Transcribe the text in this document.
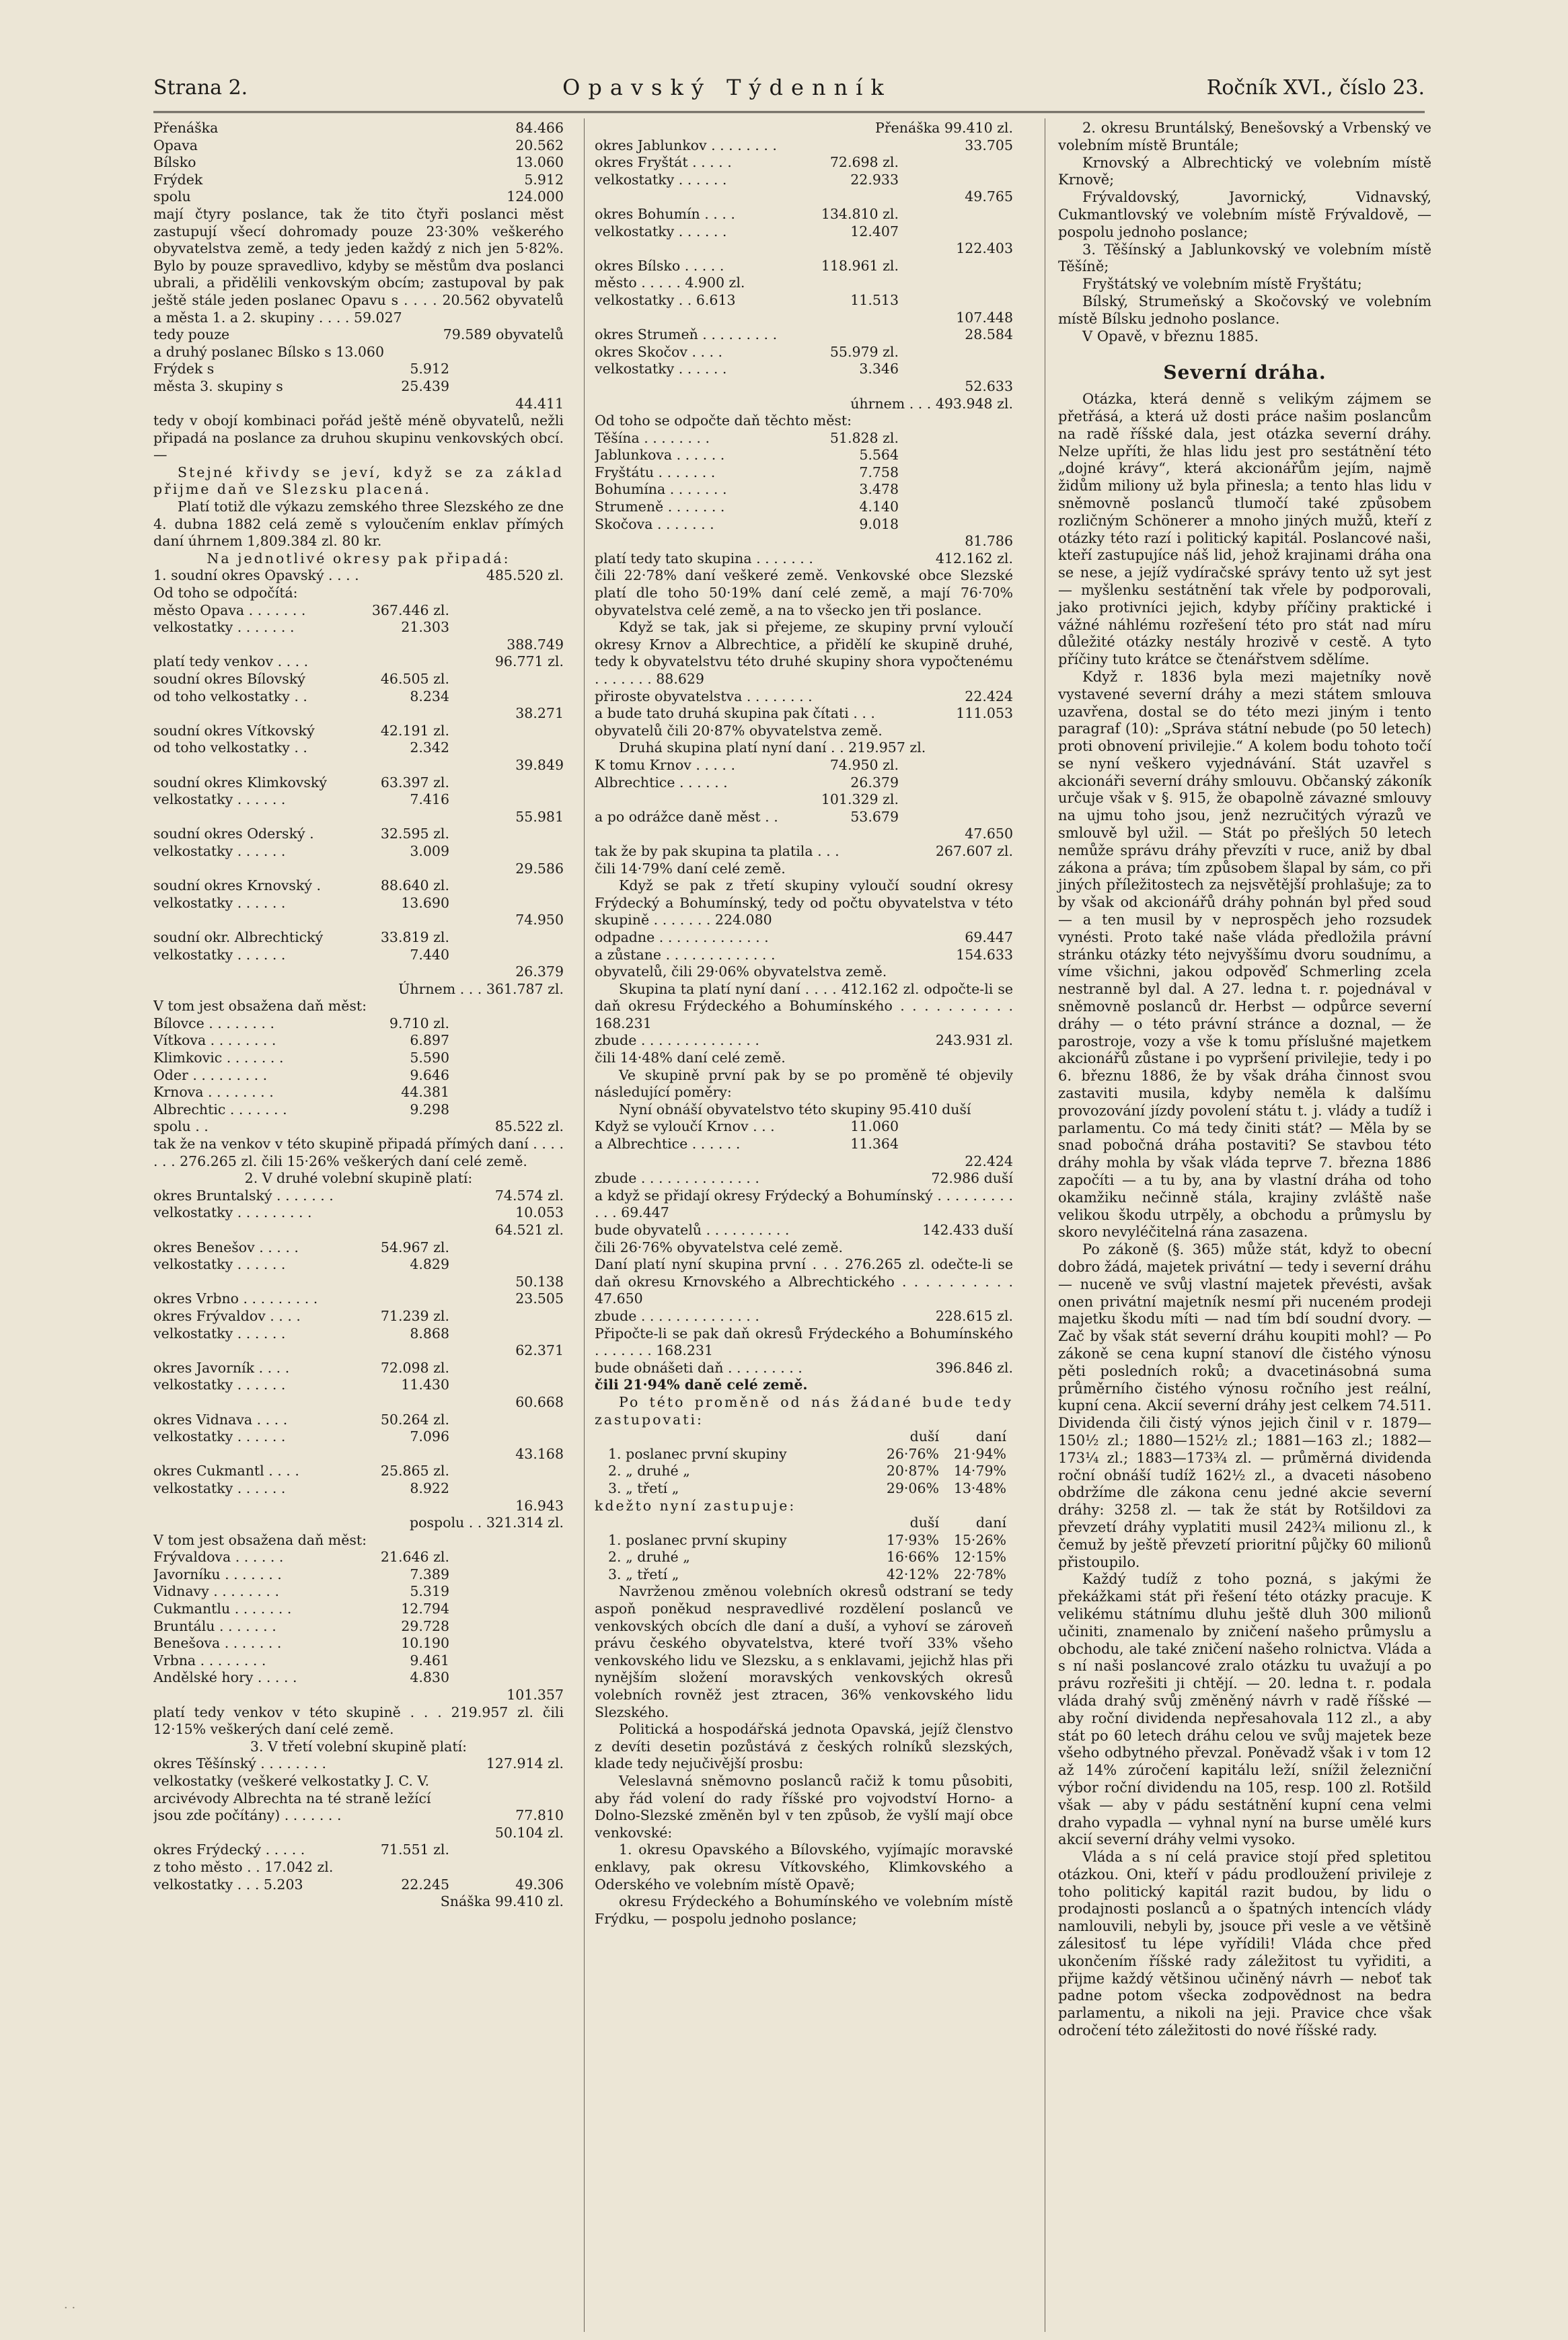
Strana 2.	Opavský Týdenník	Ročník XVI., číslo 23.
Přenáška	84.466
Opava	20.562
Bílsko	13.060
Frýdek	5.912
spolu	124.000
mají čtyry poslance, tak že tito čtyři poslanci měst zastupují všecí dohromady pouze 23·30% veškerého obyvatelstva země, a tedy jeden každý z nich jen 5·82%. Bylo by pouze spravedlivo, kdyby se městům dva poslanci ubrali, a přidělili venkovským obcím; zastupoval by pak ještě stále jeden poslanec Opavu s . . . . 20.562 obyvatelů a města 1. a 2. skupiny . . . . 59.027
tedy pouze	79.589 obyvatelů
a druhý poslanec Bílsko s 13.060
Frýdek s	5.912
města 3. skupiny s	25.439
44.411
tedy v obojí kombinaci pořád ještě méně obyvatelů, nežli připadá na poslance za druhou skupinu venkovských obcí. —
Stejné křivdy se jeví, když se za základ přijme daň ve Slezsku placená.
Platí totiž dle výkazu zemského three Slezského ze dne 4. dubna 1882 celá země s vyloučením enklav přímých daní úhrnem 1,809.384 zl. 80 kr.
Na jednotlivé okresy pak připadá:
1. soudní okres Opavský . . . .	485.520 zl.
Od toho se odpočítá:
město Opava . . . . . . .	367.446 zl.
velkostatky . . . . . . .	21.303
388.749
platí tedy venkov . . . .	96.771 zl.
soudní okres Bílovský	46.505 zl.
od toho velkostatky . .	8.234
38.271
soudní okres Vítkovský	42.191 zl.
od toho velkostatky . .	2.342
39.849
soudní okres Klimkovský	63.397 zl.
velkostatky . . . . . .	7.416
55.981
soudní okres Oderský .	32.595 zl.
velkostatky . . . . . .	3.009
29.586
soudní okres Krnovský .	88.640 zl.
velkostatky . . . . . .	13.690
74.950
soudní okr. Albrechtický	33.819 zl.
velkostatky . . . . . .	7.440
26.379
Úhrnem . . . 361.787 zl.
V tom jest obsažena daň měst:
Bílovce . . . . . . . .	9.710 zl.
Vítkova . . . . . . . .	6.897
Klimkovic . . . . . . .	5.590
Oder . . . . . . . . .	9.646
Krnova . . . . . . . .	44.381
Albrechtic . . . . . . .	9.298
spolu . .	85.522 zl.
tak že na venkov v této skupině připadá přímých daní . . . . . . . 276.265 zl. čili 15·26% veškerých daní celé země.
2. V druhé volební skupině platí:
okres Bruntalský . . . . . . .	74.574 zl.
velkostatky . . . . . . . . .	10.053
64.521 zl.
okres Benešov . . . . .	54.967 zl.
velkostatky . . . . . .	4.829
50.138
okres Vrbno . . . . . . . . .	23.505
okres Frývaldov . . . .	71.239 zl.
velkostatky . . . . . .	8.868
62.371
okres Javorník . . . .	72.098 zl.
velkostatky . . . . . .	11.430
60.668
okres Vidnava . . . .	50.264 zl.
velkostatky . . . . . .	7.096
43.168
okres Cukmantl . . . .	25.865 zl.
velkostatky . . . . . .	8.922
16.943
pospolu . . 321.314 zl.
V tom jest obsažena daň měst:
Frývaldova . . . . . .	21.646 zl.
Javorníku . . . . . . .	7.389
Vidnavy . . . . . . . .	5.319
Cukmantlu . . . . . . .	12.794
Bruntálu . . . . . . .	29.728
Benešova . . . . . . .	10.190
Vrbna . . . . . . . .	9.461
Andělské hory . . . . .	4.830
101.357
platí tedy venkov v této skupině . . . 219.957 zl. čili 12·15% veškerých daní celé země.
3. V třetí volební skupině platí:
okres Těšínský . . . . . . . .	127.914 zl.
velkostatky (veškeré velkostatky J. C. V.
arcivévody Albrechta na té straně ležící
jsou zde počítány) . . . . . . .	77.810
50.104 zl.
okres Frýdecký . . . . .	71.551 zl.
z toho město . . 17.042 zl.
velkostatky . . . 5.203	22.245	49.306
Snáška 99.410 zl.
Přenáška 99.410 zl.
okres Jablunkov . . . . . . . .	33.705
okres Fryštát . . . . .	72.698 zl.
velkostatky . . . . . .	22.933
49.765
okres Bohumín . . . .	134.810 zl.
velkostatky . . . . . .	12.407
122.403
okres Bílsko . . . . .	118.961 zl.
město . . . . . 4.900 zl.
velkostatky . . 6.613	11.513
107.448
okres Strumeň . . . . . . . . .	28.584
okres Skočov . . . .	55.979 zl.
velkostatky . . . . . .	3.346
52.633
úhrnem . . . 493.948 zl.
Od toho se odpočte daň těchto měst:
Těšína . . . . . . . .	51.828 zl.
Jablunkova . . . . . .	5.564
Fryštátu . . . . . . .	7.758
Bohumína . . . . . . .	3.478
Strumeně . . . . . . .	4.140
Skočova . . . . . . .	9.018
81.786
platí tedy tato skupina . . . . . . .	412.162 zl.
čili 22·78% daní veškeré země. Venkovské obce Slezské platí dle toho 50·19% daní celé země, a mají 76·70% obyvatelstva celé země, a na to všecko jen tři poslance.
Když se tak, jak si přejeme, ze skupiny první vyloučí okresy Krnov a Albrechtice, a přidělí ke skupině druhé, tedy k obyvatelstvu této druhé skupiny shora vypočtenému . . . . . . . 88.629
přiroste obyvatelstva . . . . . . . .	22.424
a bude tato druhá skupina pak čítati . . .	111.053
obyvatelů čili 20·87% obyvatelstva země.
Druhá skupina platí nyní daní . . 219.957 zl.
K tomu Krnov . . . . .	74.950 zl.
Albrechtice . . . . . .	26.379
101.329 zl.
a po odrážce daně měst . .	53.679
47.650
tak že by pak skupina ta platila . . .	267.607 zl.
čili 14·79% daní celé země.
Když se pak z třetí skupiny vyloučí soudní okresy Frýdecký a Bohumínský, tedy od počtu obyvatelstva v této skupině . . . . . . . 224.080
odpadne . . . . . . . . . . . . .	69.447
a zůstane . . . . . . . . . . . . .	154.633
obyvatelů, čili 29·06% obyvatelstva země.
Skupina ta platí nyní daní . . . . 412.162 zl. odpočte-li se daň okresu Frýdeckého a Bohumínského . . . . . . . . . . 168.231
zbude . . . . . . . . . . . . . .	243.931 zl.
čili 14·48% daní celé země.
Ve skupině první pak by se po proměně té objevily následující poměry:
Nyní obnáší obyvatelstvo této skupiny 95.410 duší
Když se vyloučí Krnov . . .	11.060
a Albrechtice . . . . . .	11.364
22.424
zbude . . . . . . . . . . . . . .	72.986 duší
a když se přidají okresy Frýdecký a Bohumínský . . . . . . . . . . . . 69.447
bude obyvatelů . . . . . . . . . .	142.433 duší
čili 26·76% obyvatelstva celé země.
Daní platí nyní skupina první . . . 276.265 zl. odečte-li se daň okresu Krnovského a Albrechtického . . . . . . . . . . 47.650
zbude . . . . . . . . . . . . . .	228.615 zl.
Připočte-li se pak daň okresů Frýdeckého a Bohumínského . . . . . . . 168.231
bude obnášeti daň . . . . . . . . .	396.846 zl.
čili 21·94% daně celé země.
Po této proměně od nás žádané bude tedy zastupovati:
duší	daní
1. poslanec první skupiny	26·76% 21·94%
2. „ druhé „	20·87% 14·79%
3. „ třetí „	29·06% 13·48%
kdežto nyní zastupuje:
duší	daní
1. poslanec první skupiny	17·93% 15·26%
2. „ druhé „	16·66% 12·15%
3. „ třetí „	42·12% 22·78%
Navrženou změnou volebních okresů odstraní se tedy aspoň poněkud nespravedlivé rozdělení poslanců ve venkovských obcích dle daní a duší, a vyhoví se zároveň právu českého obyvatelstva, které tvoří 33% všeho venkovského lidu ve Slezsku, a s enklavami, jejichž hlas při nynějším složení moravských venkovských okresů volebních rovněž jest ztracen, 36% venkovského lidu Slezského.
Politická a hospodářská jednota Opavská, jejíž členstvo z devíti desetin pozůstává z českých rolníků slezských, klade tedy nejučivější prosbu:
Veleslavná sněmovno poslanců račiž k tomu působiti, aby řád volení do rady říšské pro vojvodství Horno- a Dolno-Slezské změněn byl v ten způsob, že vyšlí mají obce venkovské:
1. okresu Opavského a Bílovského, vyjímajíc moravské enklavy, pak okresu Vítkovského, Klimkovského a Oderského ve volebním místě Opavě;
okresu Frýdeckého a Bohumínského ve volebním místě Frýdku, — pospolu jednoho poslance;

2. okresu Bruntálský, Benešovský a Vrbenský ve volebním místě Bruntále;

Krnovský a Albrechtický ve volebním místě Krnově;

Frývaldovský, Javornický, Vidnavský, Cukmantlovský ve volebním místě Frývaldově, — pospolu jednoho poslance;

3. Těšínský a Jablunkovský ve volebním místě Těšíně;

Fryštátský ve volebním místě Fryštátu;

Bílský, Strumeňský a Skočovský ve volebním místě Bílsku jednoho poslance.

V Opavě, v březnu 1885.

Severní dráha.

Otázka, která denně s velikým zájmem se přetřásá, a která už dosti práce našim poslancům na radě říšské dala, jest otázka severní dráhy. Nelze upříti, že hlas lidu jest pro sestátnění této „dojné krávy“, která akcionářům jejím, najmě židům miliony už byla přinesla; a tento hlas lidu v sněmovně poslanců tlumočí také způsobem rozličným Schönerer a mnoho jiných mužů, kteří z otázky této razí i politický kapitál. Poslancové naši, kteří zastupujíce náš lid, jehož krajinami dráha ona se nese, a jejíž vydíračské správy tento už syt jest — myšlenku sestátnění tak vřele by podporovali, jako protivníci jejich, kdyby příčiny praktické i vážné náhlému rozřešení této pro stát nad míru důležité otázky nestály hrozivě v cestě. A tyto příčiny tuto krátce se čtenářstvem sdělíme.

Když r. 1836 byla mezi majetníky nově vystavené severní dráhy a mezi státem smlouva uzavřena, dostal se do této mezi jiným i tento paragraf (10): „Správa státní nebude (po 50 letech) proti obnovení privilejie.“ A kolem bodu tohoto točí se nyní veškero vyjednávání. Stát uzavřel s akcionáři severní dráhy smlouvu. Občanský zákoník určuje však v §. 915, že obapolně závazné smlouvy na ujmu toho jsou, jenž nezručitých výrazů ve smlouvě byl užil. — Stát po přešlých 50 letech nemůže správu dráhy převzíti v ruce, aniž by dbal zákona a práva; tím způsobem šlapal by sám, co při jiných příležitostech za nejsvětější prohlašuje; za to by však od akcionářů dráhy pohnán byl před soud — a ten musil by v neprospěch jeho rozsudek vynésti. Proto také naše vláda předložila právní stránku otázky této nejvyššímu dvoru soudnímu, a víme všichni, jakou odpověď Schmerling zcela nestranně byl dal. A 27. ledna t. r. pojednával v sněmovně poslanců dr. Herbst — odpůrce severní dráhy — o této právní stránce a doznal, — že parostroje, vozy a vše k tomu příslušné majetkem akcionářů zůstane i po vypršení privilejie, tedy i po 6. březnu 1886, že by však dráha činnost svou zastaviti musila, kdyby neměla k dalšímu provozování jízdy povolení státu t. j. vlády a tudíž i parlamentu. Co má tedy činiti stát? — Měla by se snad pobočná dráha postaviti? Se stavbou této dráhy mohla by však vláda teprve 7. března 1886 započíti — a tu by, ana by vlastní dráha od toho okamžiku nečinně stála, krajiny zvláště naše velikou škodu utrpěly, a obchodu a průmyslu by skoro nevyléčitelná rána zasazena.

Po zákoně (§. 365) může stát, když to obecní dobro žádá, majetek privátní — tedy i severní dráhu — nuceně ve svůj vlastní majetek převésti, avšak onen privátní majetník nesmí při nuceném prodeji majetku škodu míti — nad tím bdí soudní dvory. — Zač by však stát severní dráhu koupiti mohl? — Po zákoně se cena kupní stanoví dle čistého výnosu pěti posledních roků; a dvacetinásobná suma průměrního čistého výnosu ročního jest reální, kupní cena. Akcií severní dráhy jest celkem 74.511. Dividenda čili čistý výnos jejich činil v r. 1879—150½ zl.; 1880—152½ zl.; 1881—163 zl.; 1882—173¼ zl.; 1883—173¾ zl. — průměrná dividenda roční obnáší tudíž 162½ zl., a dvaceti násobeno obdržíme dle zákona cenu jedné akcie severní dráhy: 3258 zl. — tak že stát by Rotšildovi za převzetí dráhy vyplatiti musil 242¾ milionu zl., k čemuž by ještě převzetí prioritní půjčky 60 milionů přistoupilo.

Každý tudíž z toho pozná, s jakými že překážkami stát při řešení této otázky pracuje. K velikému státnímu dluhu ještě dluh 300 milionů učiniti, znamenalo by zničení našeho průmyslu a obchodu, ale také zničení našeho rolnictva. Vláda a s ní naši poslancové zralo otázku tu uvažují a po právu rozřešiti ji chtějí. — 20. ledna t. r. podala vláda drahý svůj změněný návrh v radě říšské — aby roční dividenda nepřesahovala 112 zl., a aby stát po 60 letech dráhu celou ve svůj majetek beze všeho odbytného převzal. Poněvadž však i v tom 12 až 14% zúročení kapitálu leží, snížil železniční výbor roční dividendu na 105, resp. 100 zl. Rotšild však — aby v pádu sestátnění kupní cena velmi draho vypadla — vyhnal nyní na burse umělé kurs akcií severní dráhy velmi vysoko.

Vláda a s ní celá pravice stojí před spletitou otázkou. Oni, kteří v pádu prodloužení privileje z toho politický kapitál razit budou, by lidu o prodajnosti poslanců a o špatných intencích vlády namlouvili, nebyli by, jsouce při vesle a ve většině zálesitosť tu lépe vyřídili! Vláda chce před ukončením říšské rady záležitost tu vyřiditi, a přijme každý většinou učiněný návrh — neboť tak padne potom všecka zodpovědnost na bedra parlamentu, a nikoli na jeji. Pravice chce však odročení této záležitosti do nové říšské rady.

· ·
